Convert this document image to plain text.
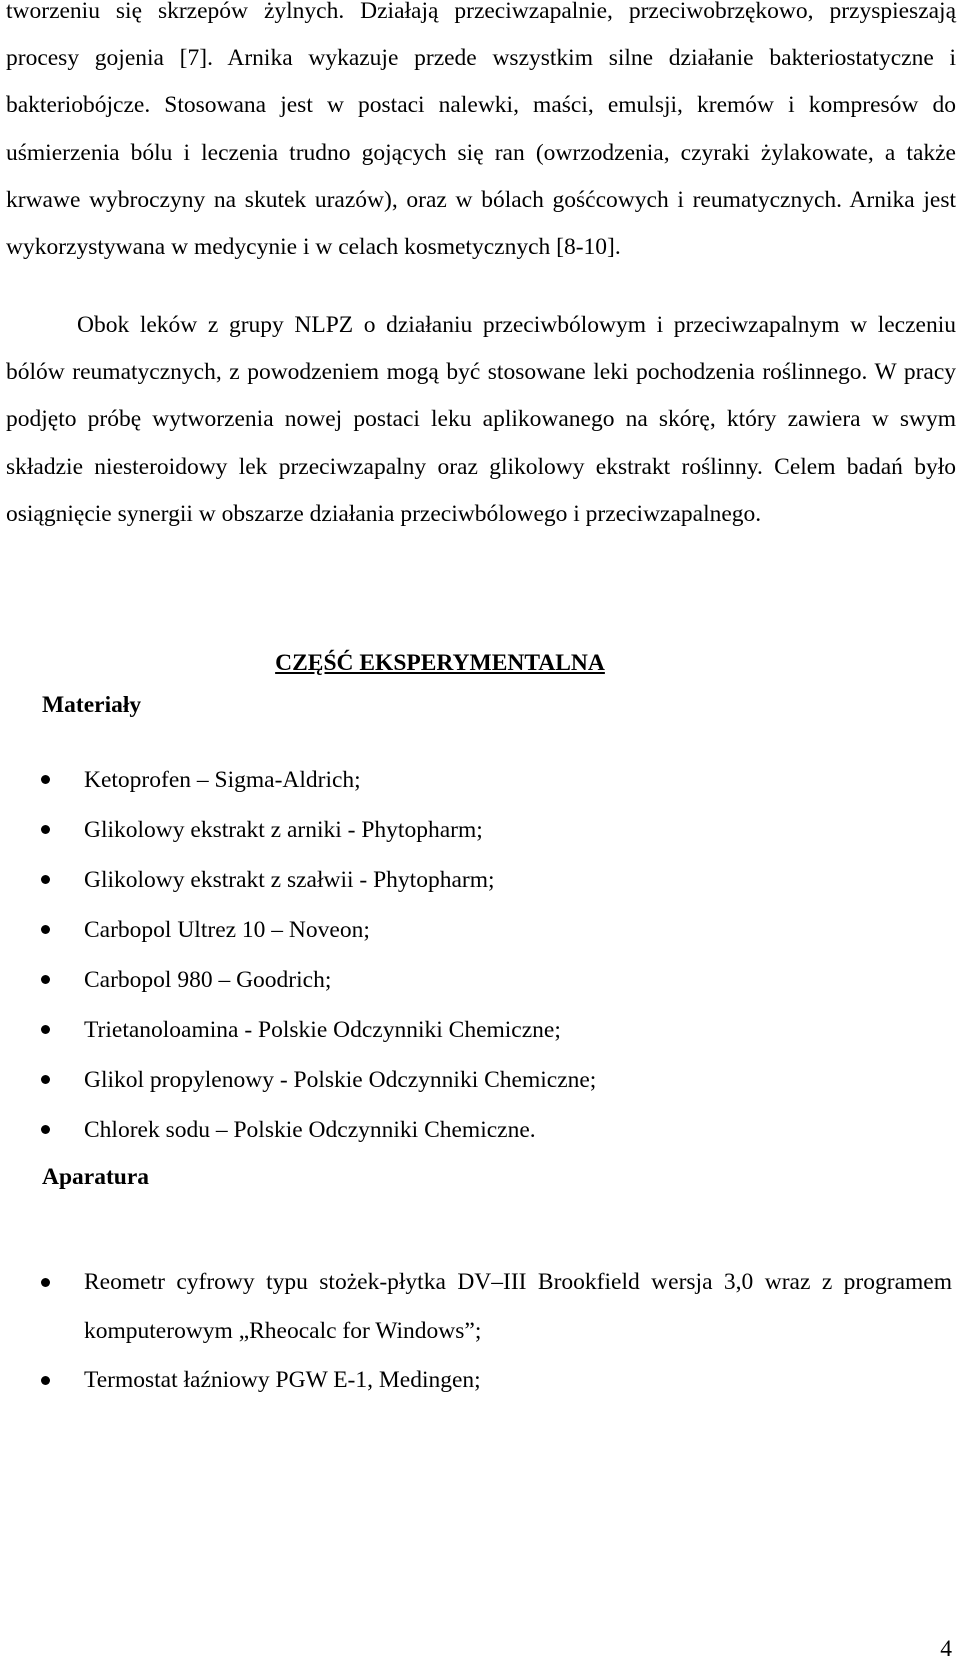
tworzeniu się skrzepów żylnych. Działają przeciwzapalnie, przeciwobrzękowo, przyspieszają procesy gojenia [7]. Arnika wykazuje przede wszystkim silne działanie bakteriostatyczne i bakteriobójcze. Stosowana jest w postaci nalewki, maści, emulsji, kremów i kompresów do uśmierzenia bólu i leczenia trudno gojących się ran (owrzodzenia, czyraki żylakowate, a także krwawe wybroczyny na skutek urazów), oraz w bólach gośćcowych i reumatycznych. Arnika jest wykorzystywana w medycynie i w celach kosmetycznych [8-10].

Obok leków z grupy NLPZ o działaniu przeciwbólowym i przeciwzapalnym w leczeniu bólów reumatycznych, z powodzeniem mogą być stosowane leki pochodzenia roślinnego. W pracy podjęto próbę wytworzenia nowej postaci leku aplikowanego na skórę, który zawiera w swym składzie niesteroidowy lek przeciwzapalny oraz glikolowy ekstrakt roślinny. Celem badań było osiągnięcie synergii w obszarze działania przeciwbólowego i przeciwzapalnego.

CZĘŚĆ EKSPERYMENTALNA
Materiały
Ketoprofen – Sigma-Aldrich;
Glikolowy ekstrakt z arniki - Phytopharm;
Glikolowy ekstrakt z szałwii - Phytopharm;
Carbopol Ultrez 10 – Noveon;
Carbopol 980 – Goodrich;
Trietanoloamina - Polskie Odczynniki Chemiczne;
Glikol propylenowy - Polskie Odczynniki Chemiczne;
Chlorek sodu – Polskie Odczynniki Chemiczne.
Aparatura
Reometr cyfrowy typu stożek-płytka DV–III Brookfield wersja 3,0 wraz z programem komputerowym „Rheocalc for Windows”;
Termostat łaźniowy PGW E-1, Medingen;

4
